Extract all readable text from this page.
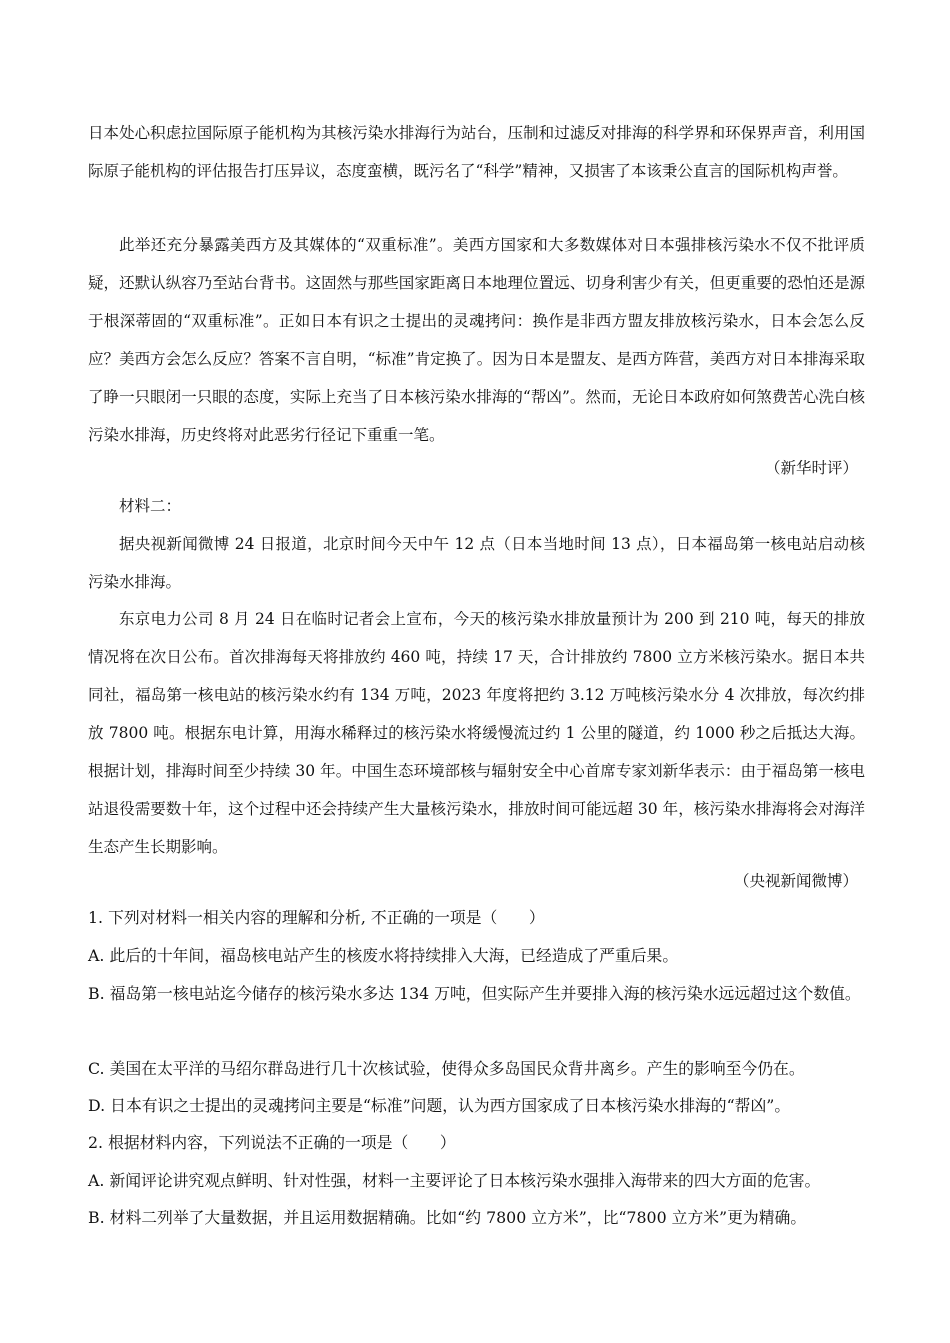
日本处心积虑拉国际原子能机构为其核污染水排海行为站台，压制和过滤反对排海的科学界和环保界声音，利用国际原子能机构的评估报告打压异议，态度蛮横，既污名了“科学”精神，又损害了本该秉公直言的国际机构声誉。

此举还充分暴露美西方及其媒体的“双重标准”。美西方国家和大多数媒体对日本强排核污染水不仅不批评质疑，还默认纵容乃至站台背书。这固然与那些国家距离日本地理位置远、切身利害少有关，但更重要的恐怕还是源于根深蒂固的“双重标准”。正如日本有识之士提出的灵魂拷问：换作是非西方盟友排放核污染水，日本会怎么反应？美西方会怎么反应？答案不言自明，“标准”肯定换了。因为日本是盟友、是西方阵营，美西方对日本排海采取了睁一只眼闭一只眼的态度，实际上充当了日本核污染水排海的“帮凶”。然而，无论日本政府如何煞费苦心洗白核污染水排海，历史终将对此恶劣行径记下重重一笔。

（新华时评）

材料二：

据央视新闻微博 24 日报道，北京时间今天中午 12 点（日本当地时间 13 点），日本福岛第一核电站启动核污染水排海。

东京电力公司 8 月 24 日在临时记者会上宣布，今天的核污染水排放量预计为 200 到 210 吨，每天的排放情况将在次日公布。首次排海每天将排放约 460 吨，持续 17 天，合计排放约 7800 立方米核污染水。据日本共同社，福岛第一核电站的核污染水约有 134 万吨，2023 年度将把约 3.12 万吨核污染水分 4 次排放，每次约排放 7800 吨。根据东电计算，用海水稀释过的核污染水将缓慢流过约 1 公里的隧道，约 1000 秒之后抵达大海。根据计划，排海时间至少持续 30 年。中国生态环境部核与辐射安全中心首席专家刘新华表示：由于福岛第一核电站退役需要数十年，这个过程中还会持续产生大量核污染水，排放时间可能远超 30 年，核污染水排海将会对海洋生态产生长期影响。

（央视新闻微博）

1. 下列对材料一相关内容的理解和分析, 不正确的一项是（　　）

A. 此后的十年间，福岛核电站产生的核废水将持续排入大海，已经造成了严重后果。

B. 福岛第一核电站迄今储存的核污染水多达 134 万吨，但实际产生并要排入海的核污染水远远超过这个数值。

C. 美国在太平洋的马绍尔群岛进行几十次核试验，使得众多岛国民众背井离乡。产生的影响至今仍在。

D. 日本有识之士提出的灵魂拷问主要是“标准”问题，认为西方国家成了日本核污染水排海的“帮凶”。

2. 根据材料内容，下列说法不正确的一项是（　　）

A. 新闻评论讲究观点鲜明、针对性强，材料一主要评论了日本核污染水强排入海带来的四大方面的危害。

B. 材料二列举了大量数据，并且运用数据精确。比如“约 7800 立方米”，比“7800 立方米”更为精确。
